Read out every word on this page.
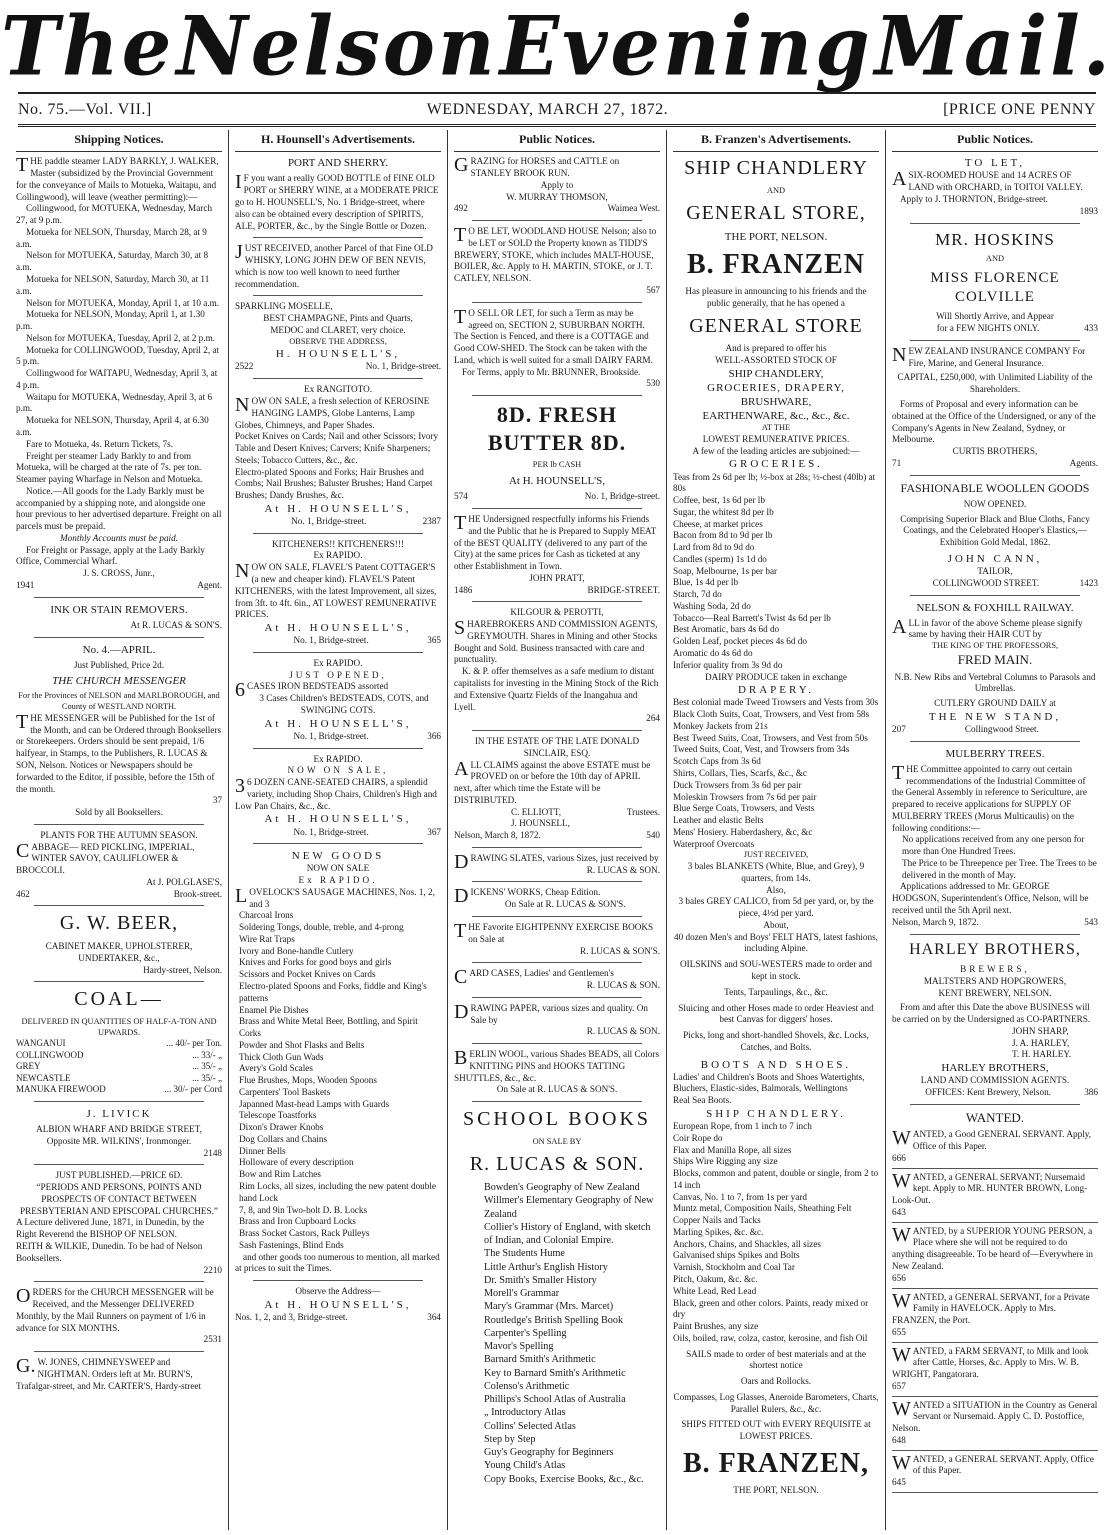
The Nelson Evening Mail.
No. 75.—Vol. VII.]	WEDNESDAY, MARCH 27, 1872.	[PRICE ONE PENNY
Shipping Notices.
THE paddle steamer LADY BARKLY, J. WALKER, Master (subsidized by the Provincial Government for the conveyance of Mails to Motueka, Waitapu, and Collingwood), will leave (weather permitting):—
Collingwood, for MOTUEKA, Wednesday, March 27, at 9 p.m.
Motueka for NELSON, Thursday, March 28, at 9 a.m.
Nelson for MOTUEKA, Saturday, March 30, at 8 a.m.
Motueka for NELSON, Saturday, March 30, at 11 a.m.
Nelson for MOTUEKA, Monday, April 1, at 10 a.m.
Motueka for NELSON, Monday, April 1, at 1.30 p.m.
Nelson for MOTUEKA, Tuesday, April 2, at 2 p.m.
Motueka for COLLINGWOOD, Tuesday, April 2, at 5 p.m.
Collingwood for WAITAPU, Wednesday, April 3, at 4 p.m.
Waitapu for MOTUEKA, Wednesday, April 3, at 6 p.m.
Motueka for NELSON, Thursday, April 4, at 6.30 a.m.
Fare to Motueka, 4s. Return Tickets, 7s.
Freight per steamer Lady Barkly to and from Motueka, will be charged at the rate of 7s. per ton. Steamer paying Wharfage in Nelson and Motueka.
Notice.—All goods for the Lady Barkly must be accompanied by a shipping note, and alongside one hour previous to her advertised departure. Freight on all parcels must be prepaid.
Monthly Accounts must be paid.
For Freight or Passage, apply at the Lady Barkly Office, Commercial Wharf.
J. S. CROSS, Junr.,
1941	Agent.
INK OR STAIN REMOVERS.
At R. LUCAS & SON'S.
No. 4.—APRIL.
Just Published, Price 2d.
THE CHURCH MESSENGER
For the Provinces of NELSON and MARLBOROUGH, and County of WESTLAND NORTH.
THE MESSENGER will be Published for the 1st of the Month, and can be Ordered through Booksellers or Storekeepers. Orders should be sent prepaid, 1/6 halfyear, in Stamps, to the Publishers, R. LUCAS & SON, Nelson. Notices or Newspapers should be forwarded to the Editor, if possible, before the 15th of the month.
37
Sold by all Booksellers.
PLANTS FOR THE AUTUMN SEASON.
CABBAGE— RED PICKLING, IMPERIAL, WINTER SAVOY, CAULIFLOWER & BROCCOLI.
At J. POLGLASE'S,
462	Brook-street.
G. W. BEER,
CABINET MAKER, UPHOLSTERER, UNDERTAKER, &c.,
Hardy-street, Nelson.
COAL—
DELIVERED IN QUANTITIES OF HALF-A-TON AND UPWARDS.
WANGANUI	... 40/- per Ton.
COLLINGWOOD	... 33/- „
GREY	... 35/- „
NEWCASTLE	... 35/- „
MANUKA FIREWOOD	... 30/- per Cord
J. LIVICK
ALBION WHARF AND BRIDGE STREET,
Opposite MR. WILKINS', Ironmonger.
2148
JUST PUBLISHED.—PRICE 6D.
“PERIODS AND PERSONS, POINTS AND PROSPECTS OF CONTACT BETWEEN PRESBYTERIAN AND EPISCOPAL CHURCHES.”
A Lecture delivered June, 1871, in Dunedin, by the Right Reverend the BISHOP OF NELSON.
REITH & WILKIE, Dunedin. To be had of Nelson Booksellers.
2210
ORDERS for the CHURCH MESSENGER will be Received, and the Messenger DELIVERED Monthly, by the Mail Runners on payment of 1/6 in advance for SIX MONTHS.
2531
G.W. JONES, CHIMNEYSWEEP and NIGHTMAN. Orders left at Mr. BURN'S, Trafalgar-street, and Mr. CARTER'S, Hardy-street
H. Hounsell's Advertisements.
PORT AND SHERRY.
IF you want a really GOOD BOTTLE of FINE OLD PORT or SHERRY WINE, at a MODERATE PRICE go to H. HOUNSELL'S, No. 1 Bridge-street, where also can be obtained every description of SPIRITS, ALE, PORTER, &c., by the Single Bottle or Dozen.
JUST RECEIVED, another Parcel of that Fine OLD WHISKY, LONG JOHN DEW OF BEN NEVIS, which is now too well known to need further recommendation.
SPARKLING MOSELLE,
BEST CHAMPAGNE, Pints and Quarts,
MEDOC and CLARET, very choice.
OBSERVE THE ADDRESS,
H. HOUNSELL'S,
2522	No. 1, Bridge-street.
Ex RANGITOTO.
NOW ON SALE, a fresh selection of KEROSINE HANGING LAMPS, Globe Lanterns, Lamp Globes, Chimneys, and Paper Shades.
Pocket Knives on Cards; Nail and other Scissors; Ivory Table and Desert Knives; Carvers; Knife Sharpeners; Steels; Tobacco Cutters, &c., &c.
Electro-plated Spoons and Forks; Hair Brushes and Combs; Nail Brushes; Baluster Brushes; Hand Carpet Brushes; Dandy Brushes, &c.
At H. HOUNSELL'S,
No. 1, Bridge-street.	2387
KITCHENERS!! KITCHENERS!!!
Ex RAPIDO.
NOW ON SALE, FLAVEL'S Patent COTTAGER'S (a new and cheaper kind). FLAVEL'S Patent KITCHENERS, with the latest Improvement, all sizes, from 3ft. to 4ft. 6in., AT LOWEST REMUNERATIVE PRICES.
At H. HOUNSELL'S,
No. 1, Bridge-street.	365
Ex RAPIDO.
JUST OPENED,
6CASES IRON BEDSTEADS assorted
3 Cases Children's BEDSTEADS, COTS, and SWINGING COTS.
At H. HOUNSELL'S,
No. 1, Bridge-street.	366
Ex RAPIDO.
NOW ON SALE,
36 DOZEN CANE-SEATED CHAIRS, a splendid variety, including Shop Chairs, Children's High and Low Pan Chairs, &c., &c.
At H. HOUNSELL'S,
No. 1, Bridge-street.	367
NEW GOODS
NOW ON SALE
Ex RAPIDO.
LOVELOCK'S SAUSAGE MACHINES, Nos. 1, 2, and 3
Charcoal Irons
Soldering Tongs, double, treble, and 4-prong
Wire Rat Traps
Ivory and Bone-handle Cutlery
Knives and Forks for good boys and girls
Scissors and Pocket Knives on Cards
Electro-plated Spoons and Forks, fiddle and King's patterns
Enamel Pie Dishes
Brass and White Metal Beer, Bottling, and Spirit Corks
Powder and Shot Flasks and Belts
Thick Cloth Gun Wads
Avery's Gold Scales
Flue Brushes, Mops, Wooden Spoons
Carpenters' Tool Baskets
Japanned Mast-head Lamps with Guards
Telescope Toastforks
Dixon's Drawer Knobs
Dog Collars and Chains
Dinner Bells
Holloware of every description
Bow and Rim Latches
Rim Locks, all sizes, including the new patent double hand Lock
7, 8, and 9in Two-bolt D. B. Locks
Brass and Iron Cupboard Locks
Brass Socket Castors, Rack Pulleys
Sash Fastenings, Blind Ends
and other goods too numerous to mention, all marked at prices to suit the Times.
Observe the Address—
At H. HOUNSELL'S,
Nos. 1, 2, and 3, Bridge-street.	364
Public Notices.
GRAZING for HORSES and CATTLE on STANLEY BROOK RUN.
Apply to
W. MURRAY THOMSON,
492	Waimea West.
TO BE LET, WOODLAND HOUSE Nelson; also to be LET or SOLD the Property known as TIDD'S BREWERY, STOKE, which includes MALT-HOUSE, BOILER, &c. Apply to H. MARTIN, STOKE, or J. T. CATLEY, NELSON.
567
TO SELL OR LET, for such a Term as may be agreed on, SECTION 2, SUBURBAN NORTH. The Section is Fenced, and there is a COTTAGE and Good COW-SHED. The Stock can be taken with the Land, which is well suited for a small DAIRY FARM.
For Terms, apply to Mr. BRUNNER, Brookside.
530
8D. FRESH BUTTER 8D.
PER lb CASH
At H. HOUNSELL'S,
574	No. 1, Bridge-street.
THE Undersigned respectfully informs his Friends and the Public that he is Prepared to Supply MEAT of the BEST QUALITY (delivered to any part of the City) at the same prices for Cash as ticketed at any other Establishment in Town.
JOHN PRATT,
1486	BRIDGE-STREET.
KILGOUR & PEROTTI,
SHAREBROKERS AND COMMISSION AGENTS, GREYMOUTH. Shares in Mining and other Stocks Bought and Sold. Business transacted with care and punctuality.
K. & P. offer themselves as a safe medium to distant capitalists for investing in the Mining Stock of the Rich and Extensive Quartz Fields of the Inangahua and Lyell.
264
IN THE ESTATE OF THE LATE DONALD SINCLAIR, ESQ.
ALL CLAIMS against the above ESTATE must be PROVED on or before the 10th day of APRIL next, after which time the Estate will be DISTRIBUTED.
C. ELLIOTT,
J. HOUNSELL,
Trustees.
Nelson, March 8, 1872.	540
DRAWING SLATES, various Sizes, just received by
R. LUCAS & SON.
DICKENS' WORKS, Cheap Edition.
On Sale at R. LUCAS & SON'S.
THE Favorite EIGHTPENNY EXERCISE BOOKS on Sale at
R. LUCAS & SON'S.
CARD CASES, Ladies' and Gentlemen's
R. LUCAS & SON.
DRAWING PAPER, various sizes and quality. On Sale by
R. LUCAS & SON.
BERLIN WOOL, various Shades BEADS, all Colors KNITTING PINS and HOOKS TATTING SHUTTLES, &c., &c.
On Sale at R. LUCAS & SON'S.
SCHOOL BOOKS
ON SALE BY
R. LUCAS & SON.
Bowden's Geography of New Zealand
Willmer's Elementary Geography of New Zealand
Collier's History of England, with sketch of Indian, and Colonial Empire.
The Students Hume
Little Arthur's English History
Dr. Smith's Smaller History
Morell's Grammar
Mary's Grammar (Mrs. Marcet)
Routledge's British Spelling Book
Carpenter's Spelling
Mavor's Spelling
Barnard Smith's Arithmetic
Key to Barnard Smith's Arithmetic
Colenso's Arithmetic
Phillips's School Atlas of Australia
„ Introductory Atlas
Collins' Selected Atlas
Step by Step
Guy's Geography for Beginners
Young Child's Atlas
Copy Books, Exercise Books, &c., &c.
B. Franzen's Advertisements.
SHIP CHANDLERY
AND
GENERAL STORE,
THE PORT, NELSON.
B. FRANZEN
Has pleasure in announcing to his friends and the public generally, that he has opened a
GENERAL STORE
And is prepared to offer his
WELL-ASSORTED STOCK OF
SHIP CHANDLERY,
GROCERIES, DRAPERY,
BRUSHWARE,
EARTHENWARE, &c., &c., &c.
AT THE
LOWEST REMUNERATIVE PRICES.
A few of the leading articles are subjoined:—
GROCERIES.
Teas from 2s 6d per lb; ½-box at 28s; ½-chest (40lb) at 80s
Coffee, best, 1s 6d per lb
Sugar, the whitest 8d per lb
Cheese, at market prices
Bacon from 8d to 9d per lb
Lard from 8d to 9d do
Candles (sperm) 1s 1d do
Soap, Melbourne, 1s per bar
Blue, 1s 4d per lb
Starch, 7d do
Washing Soda, 2d do
Tobacco—Real Barrett's Twist 4s 6d per lb
Best Aromatic, bars 4s 6d do
Golden Leaf, pocket pieces 4s 6d do
Aromatic do 4s 6d do
Inferior quality from 3s 9d do
DAIRY PRODUCE taken in exchange
DRAPERY.
Best colonial made Tweed Trowsers and Vests from 30s
Black Cloth Suits, Coat, Trowsers, and Vest from 58s
Monkey Jackets from 21s
Best Tweed Suits, Coat, Trowsers, and Vest from 50s
Tweed Suits, Coat, Vest, and Trowsers from 34s
Scotch Caps from 3s 6d
Shirts, Collars, Ties, Scarfs, &c., &c
Duck Trowsers from 3s 6d per pair
Moleskin Trowsers from 7s 6d per pair
Blue Serge Coats, Trowsers, and Vests
Leather and elastic Belts
Mens' Hosiery. Haberdashery, &c, &c
Waterproof Overcoats
JUST RECEIVED,
3 bales BLANKETS (White, Blue, and Grey), 9 quarters, from 14s.
Also,
3 bales GREY CALICO, from 5d per yard, or, by the piece, 4½d per yard.
About,
40 dozen Men's and Boys' FELT HATS, latest fashions, including Alpine.
OILSKINS and SOU-WESTERS made to order and kept in stock.
Tents, Tarpaulings, &c., &c.
Sluicing and other Hoses made to order Heaviest and best Canvas for diggers' hoses.
Picks, long and short-handled Shovels, &c. Locks, Catches, and Bolts.
BOOTS AND SHOES.
Ladies' and Children's Boots and Shoes Watertights, Bluchers, Elastic-sides, Balmorals, Wellingtons
Real Sea Boots.
SHIP CHANDLERY.
European Rope, from 1 inch to 7 inch
Coir Rope do
Flax and Manilla Rope, all sizes
Ships Wire Rigging any size
Blocks, common and patent, double or single, from 2 to 14 inch
Canvas, No. 1 to 7, from 1s per yard
Muntz metal, Composition Nails, Sheathing Felt
Copper Nails and Tacks
Marling Spikes, &c. &c.
Anchors, Chains, and Shackles, all sizes
Galvanised ships Spikes and Bolts
Varnish, Stockholm and Coal Tar
Pitch, Oakum, &c. &c.
White Lead, Red Lead
Black, green and other colors. Paints, ready mixed or dry
Paint Brushes, any size
Oils, boiled, raw, colza, castor, kerosine, and fish Oil
SAILS made to order of best materials and at the shortest notice
Oars and Rollocks.
Compasses, Log Glasses, Aneroide Barometers, Charts, Parallel Rulers, &c., &c.
SHIPS FITTED OUT with EVERY REQUISITE at LOWEST PRICES.
B. FRANZEN,
THE PORT, NELSON.
Public Notices.
TO LET,
ASIX-ROOMED HOUSE and 14 ACRES OF LAND with ORCHARD, in TOITOI VALLEY.
Apply to J. THORNTON, Bridge-street.
1893
MR. HOSKINS
AND
MISS FLORENCE COLVILLE
Will Shortly Arrive, and Appear
for a FEW NIGHTS ONLY.	433
NEW ZEALAND INSURANCE COMPANY For Fire, Marine, and General Insurance.
CAPITAL, £250,000, with Unlimited Liability of the Shareholders.
Forms of Proposal and every information can be obtained at the Office of the Undersigned, or any of the Company's Agents in New Zealand, Sydney, or Melbourne.
CURTIS BROTHERS,
71	Agents.
FASHIONABLE WOOLLEN GOODS
NOW OPENED.
Comprising Superior Black and Blue Cloths, Fancy Coatings, and the Celebrated Hooper's Elastics,—Exhibition Gold Medal, 1862.
JOHN CANN,
TAILOR,
COLLINGWOOD STREET.	1423
NELSON & FOXHILL RAILWAY.
ALL in favor of the above Scheme please signify same by having their HAIR CUT by
THE KING OF THE PROFESSORS,
FRED MAIN.
N.B. New Ribs and Vertebral Columns to Parasols and Umbrellas.
CUTLERY GROUND DAILY at
THE NEW STAND,
207	Collingwood Street.
MULBERRY TREES.
THE Committee appointed to carry out certain recommendations of the Industrial Committee of the General Assembly in reference to Sericulture, are prepared to receive applications for SUPPLY OF MULBERRY TREES (Morus Multicaulis) on the following conditions:—
No applications received from any one person for more than One Hundred Trees.
The Price to be Threepence per Tree. The Trees to be delivered in the month of May.
Applications addressed to Mr. GEORGE HODGSON, Superintendent's Office, Nelson, will be received until the 5th April next.
Nelson, March 9, 1872.	543
HARLEY BROTHERS,
BREWERS,
MALTSTERS AND HOPGROWERS,
KENT BREWERY, NELSON.
From and after this Date the above BUSINESS will be carried on by the Undersigned as CO-PARTNERS.
JOHN SHARP,
J. A. HARLEY,
T. H. HARLEY.
HARLEY BROTHERS,
LAND AND COMMISSION AGENTS.
OFFICES: Kent Brewery, Nelson.	386
WANTED.
WANTED, a Good GENERAL SERVANT. Apply, Office of this Paper.
666
WANTED, a GENERAL SERVANT; Nursemaid kept. Apply to MR. HUNTER BROWN, Long-Look-Out.
643
WANTED, by a SUPERIOR YOUNG PERSON, a Place where she will not be required to do anything disagreeable. To be heard of—Everywhere in New Zealand.
656
WANTED, a GENERAL SERVANT, for a Private Family in HAVELOCK. Apply to Mrs. FRANZEN, the Port.
655
WANTED, a FARM SERVANT, to Milk and look after Cattle, Horses, &c. Apply to Mrs. W. B. WRIGHT, Pangatorara.
657
WANTED a SITUATION in the Country as General Servant or Nursemaid. Apply C. D. Postoffice, Nelson.
648
WANTED, a GENERAL SERVANT. Apply, Office of this Paper.
645
